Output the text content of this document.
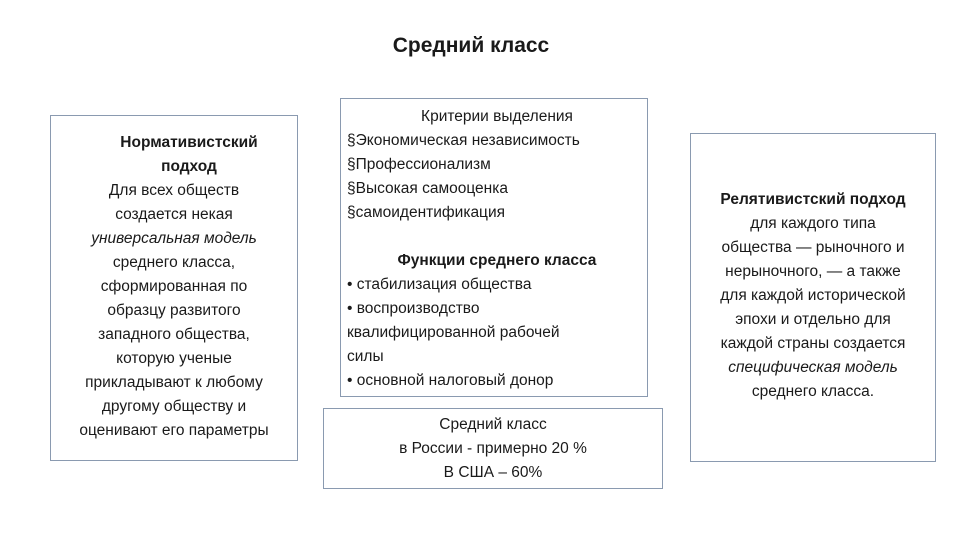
Средний класс
Нормативистский
подход
Для всех обществ
создается некая
универсальная модель
среднего класса,
сформированная по
образцу развитого
западного общества,
которую ученые
прикладывают к любому
другому обществу и
оценивают его параметры
Критерии выделения
§Экономическая независимость
§Профессионализм
§Высокая самооценка
§самоидентификация
Функции среднего класса
• стабилизация общества
• воспроизводство
квалифицированной рабочей
силы
• основной налоговый донор
Средний класс
в России - примерно 20 %
В США – 60%
Релятивистский подход
для каждого типа
общества — рыночного и
нерыночного, — а также
для каждой исторической
эпохи и отдельно для
каждой страны создается
специфическая модель
среднего класса.
